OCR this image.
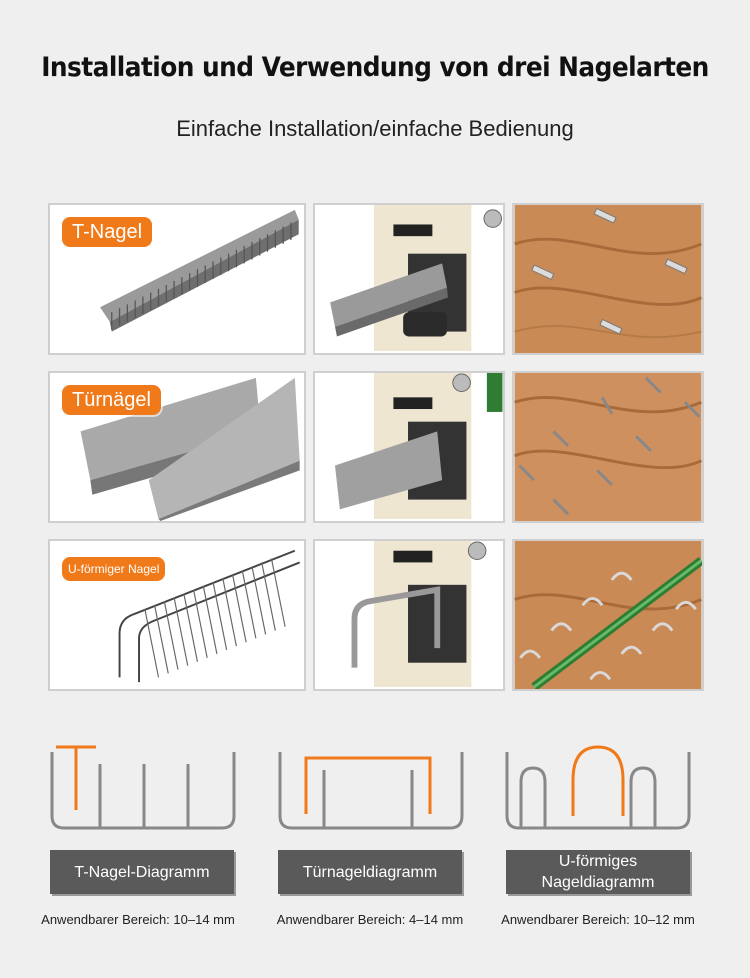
Installation und Verwendung von drei Nagelarten
Einfache Installation/einfache Bedienung
T-Nagel
Türnägel
U-förmiger Nagel
T-Nagel-Diagramm	Türnageldiagramm
U-förmiges Nageldiagramm
Anwendbarer Bereich: 10–14 mm	Anwendbarer Bereich: 4–14 mm	Anwendbarer Bereich: 10–12 mm
